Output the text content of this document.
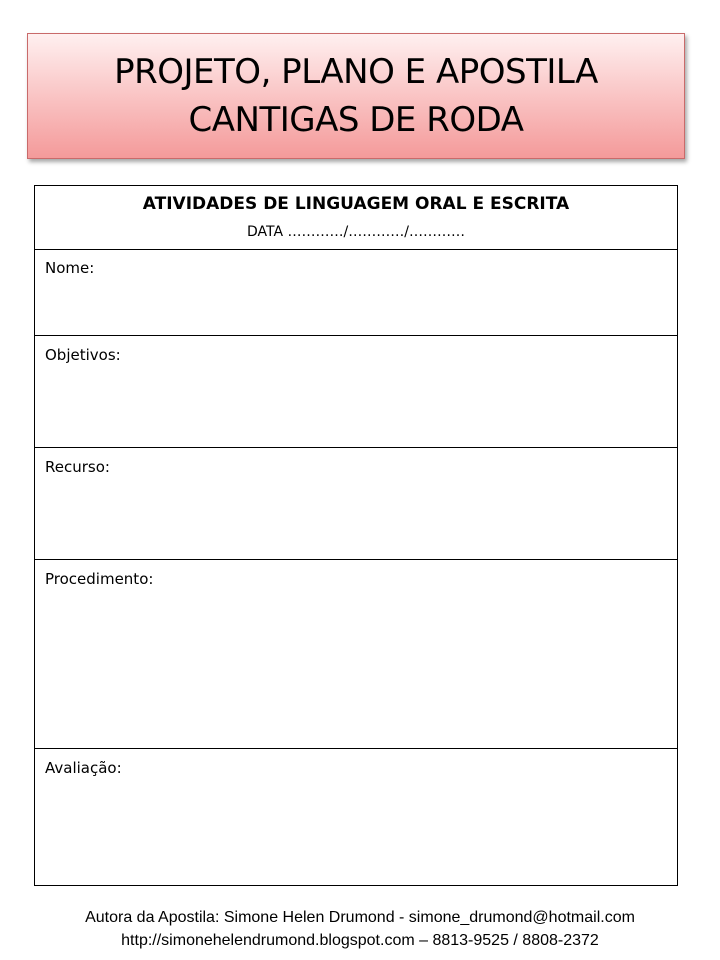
PROJETO, PLANO E APOSTILA
CANTIGAS DE RODA
ATIVIDADES DE LINGUAGEM ORAL E ESCRITA
DATA …………/…………/…………
Nome:
Objetivos:
Recurso:
Procedimento:
Avaliação:
Autora da Apostila: Simone Helen Drumond - simone_drumond@hotmail.com
http://simonehelendrumond.blogspot.com – 8813-9525 / 8808-2372
